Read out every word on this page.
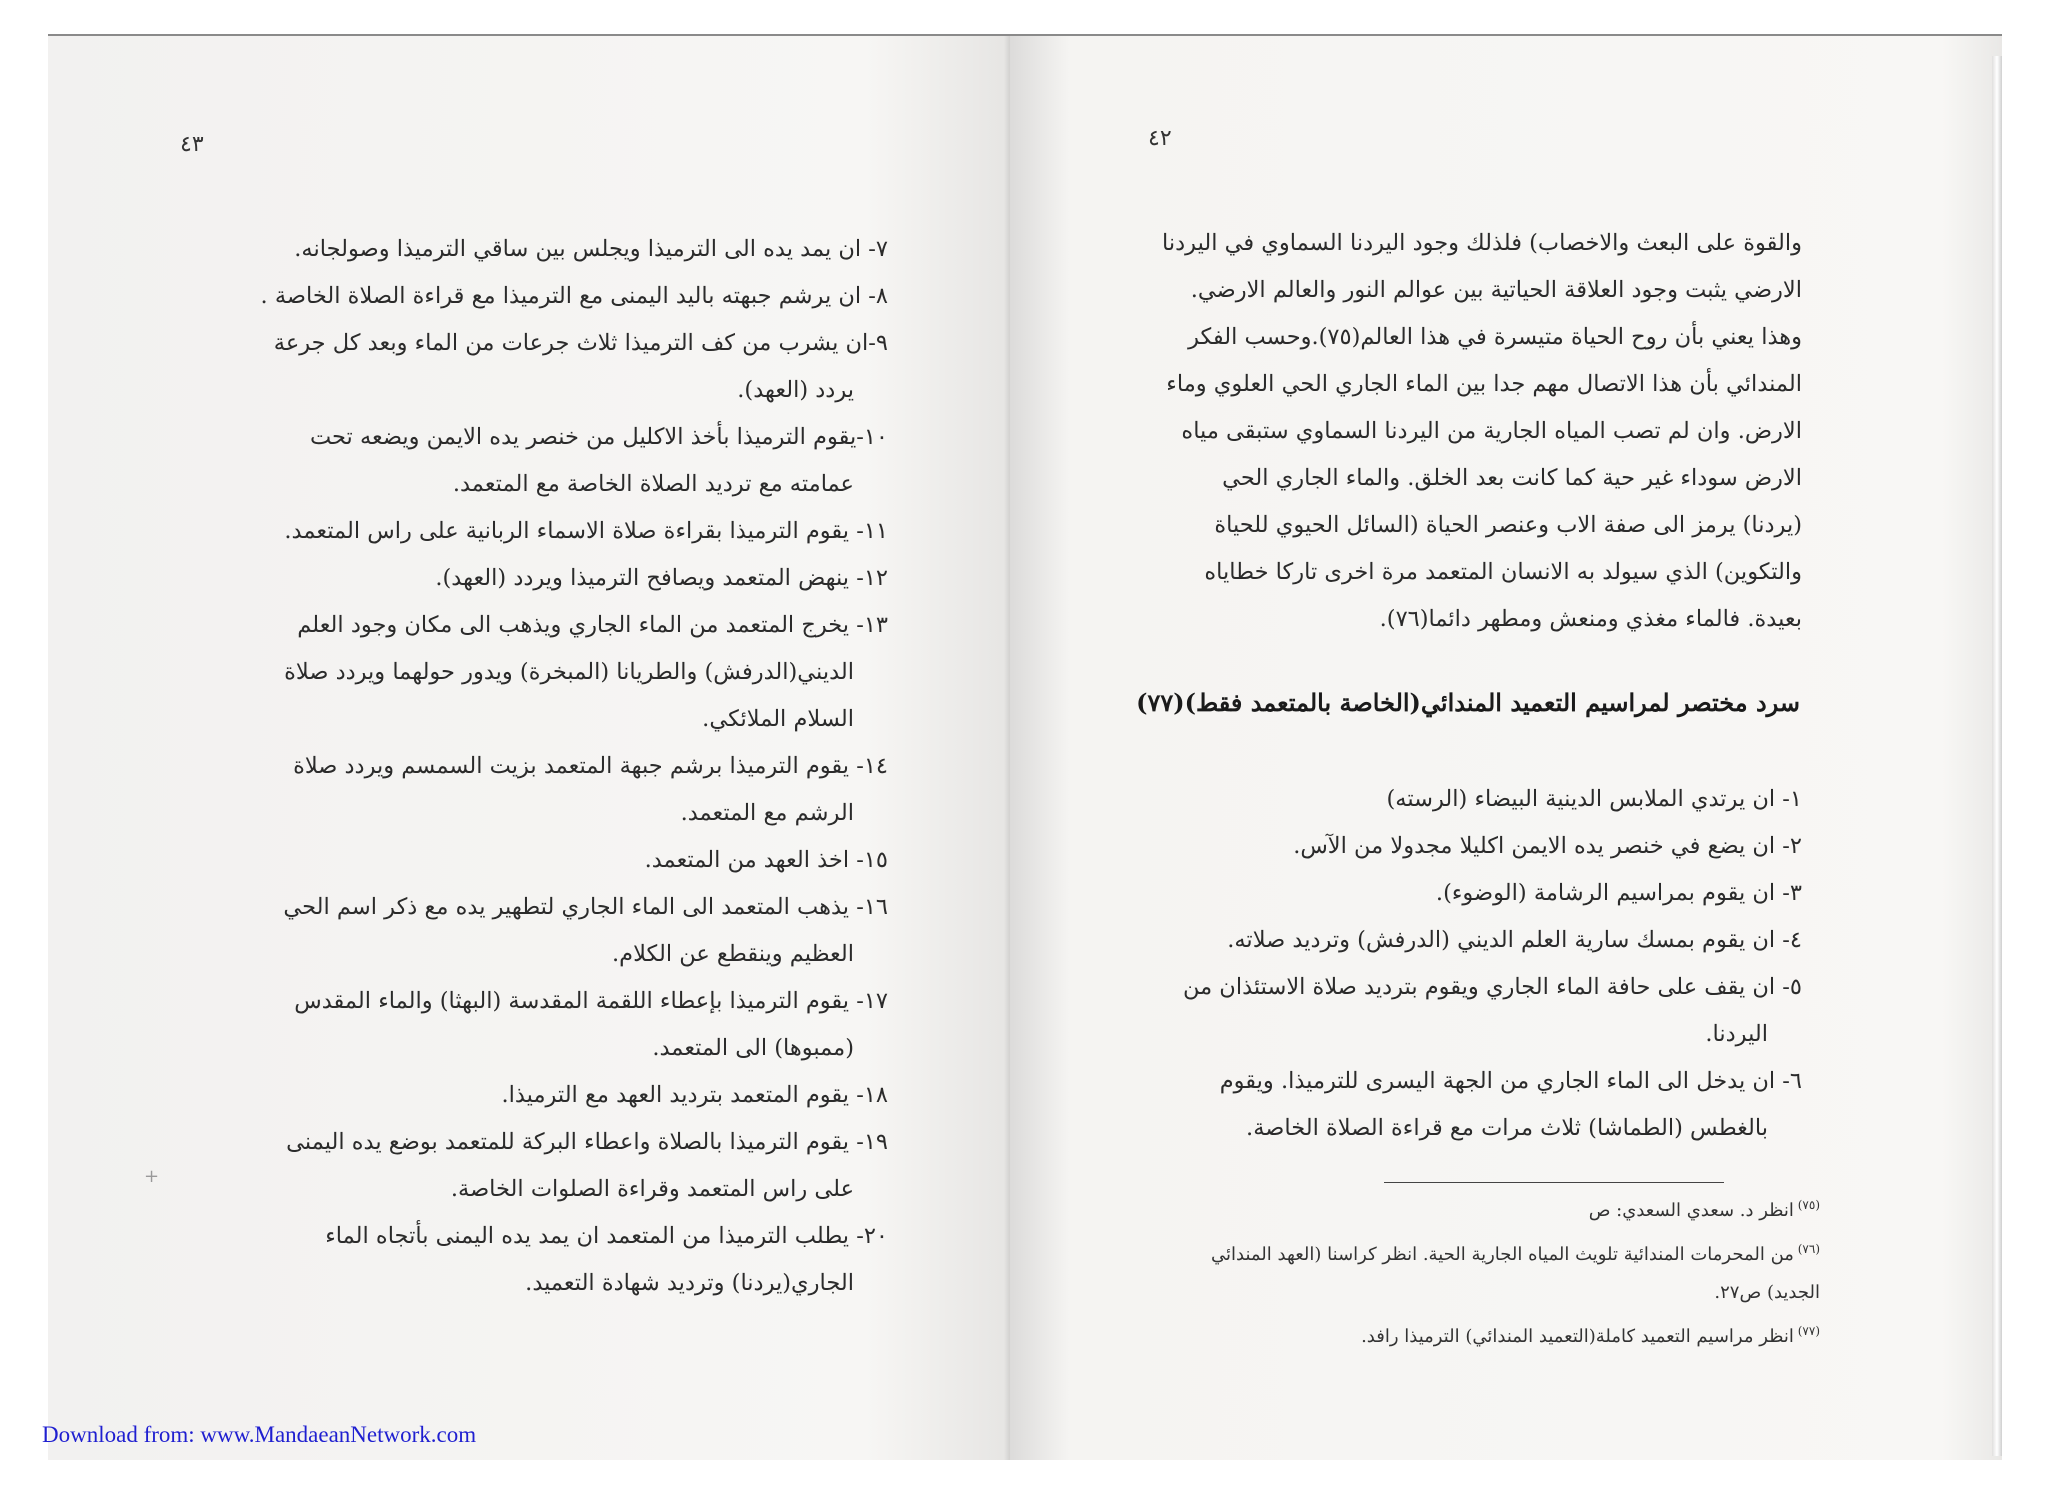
٤٣
٧- ان يمد يده الى الترميذا ويجلس بين ساقي الترميذا وصولجانه.
٨- ان يرشم جبهته باليد اليمنى مع الترميذا مع قراءة الصلاة الخاصة .
٩-ان يشرب من كف الترميذا ثلاث جرعات من الماء وبعد كل جرعة
يردد (العهد).
١٠-يقوم الترميذا بأخذ الاكليل من خنصر يده الايمن ويضعه تحت
عمامته مع ترديد الصلاة الخاصة مع المتعمد.
١١- يقوم الترميذا بقراءة صلاة الاسماء الربانية على راس المتعمد.
١٢- ينهض المتعمد ويصافح الترميذا ويردد (العهد).
١٣- يخرج المتعمد من الماء الجاري ويذهب الى مكان وجود العلم
الديني(الدرفش) والطريانا (المبخرة) ويدور حولهما ويردد صلاة
السلام الملائكي.
١٤- يقوم الترميذا برشم جبهة المتعمد بزيت السمسم ويردد صلاة
الرشم مع المتعمد.
١٥- اخذ العهد من المتعمد.
١٦- يذهب المتعمد الى الماء الجاري لتطهير يده مع ذكر اسم الحي
العظيم وينقطع عن الكلام.
١٧- يقوم الترميذا بإعطاء اللقمة المقدسة (البهثا) والماء المقدس
(ممبوها) الى المتعمد.
١٨- يقوم المتعمد بترديد العهد مع الترميذا.
١٩- يقوم الترميذا بالصلاة واعطاء البركة للمتعمد بوضع يده اليمنى
على راس المتعمد وقراءة الصلوات الخاصة.
٢٠- يطلب الترميذا من المتعمد ان يمد يده اليمنى بأتجاه الماء
الجاري(يردنا) وترديد شهادة التعميد.
+
٤٢

والقوة على البعث والاخصاب) فلذلك وجود اليردنا السماوي في اليردنا

الارضي يثبت وجود العلاقة الحياتية بين عوالم النور والعالم الارضي.

وهذا يعني بأن روح الحياة متيسرة في هذا العالم(٧٥).وحسب الفكر

المندائي بأن هذا الاتصال مهم جدا بين الماء الجاري الحي العلوي وماء

الارض. وان لم تصب المياه الجارية من اليردنا السماوي ستبقى مياه

الارض سوداء غير حية كما كانت بعد الخلق. والماء الجاري الحي

(يردنا) يرمز الى صفة الاب وعنصر الحياة (السائل الحيوي للحياة

والتكوين) الذي سيولد به الانسان المتعمد مرة اخرى تاركا خطاياه

بعيدة. فالماء مغذي ومنعش ومطهر دائما(٧٦).

سرد مختصر لمراسيم التعميد المندائي(الخاصة بالمتعمد فقط)(٧٧)
١- ان يرتدي الملابس الدينية البيضاء (الرسته)
٢- ان يضع في خنصر يده الايمن اكليلا مجدولا من الآس.
٣- ان يقوم بمراسيم الرشامة (الوضوء).
٤- ان يقوم بمسك سارية العلم الديني (الدرفش) وترديد صلاته.
٥- ان يقف على حافة الماء الجاري ويقوم بترديد صلاة الاستئذان من
اليردنا.
٦- ان يدخل الى الماء الجاري من الجهة اليسرى للترميذا. ويقوم
بالغطس (الطماشا) ثلاث مرات مع قراءة الصلاة الخاصة.
$^{(٧٥)}$ انظر د. سعدي السعدي: ص
$^{(٧٦)}$ من المحرمات المندائية تلويث المياه الجارية الحية. انظر كراسنا (العهد المندائي
الجديد) ص٢٧.
$^{(٧٧)}$ انظر مراسيم التعميد كاملة(التعميد المندائي) الترميذا رافد.
Download from: www.MandaeanNetwork.com
